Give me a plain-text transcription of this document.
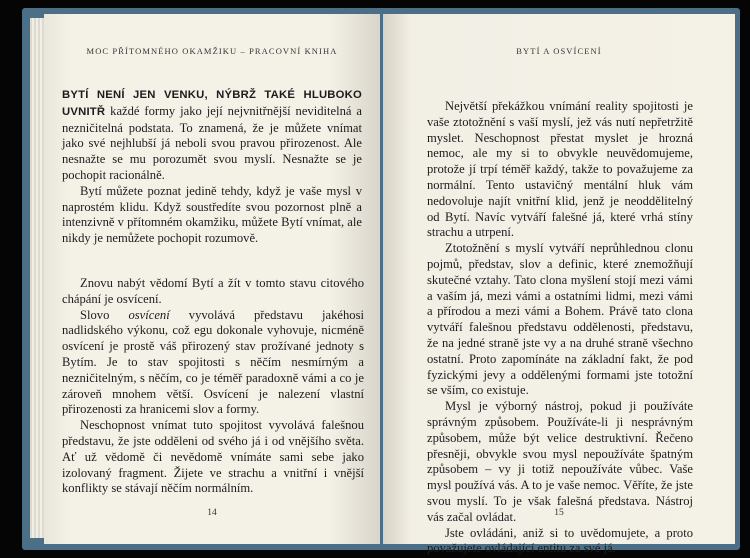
MOC PŘÍTOMNÉHO OKAMŽIKU – PRACOVNÍ KNIHA

BYTÍ NENÍ JEN VENKU, NÝBRŽ TAKÉ HLUBOKO UVNITŘ každé formy jako její nejvnitřnější neviditelná a nezničitelná podstata. To znamená, že je můžete vnímat jako své nejhlubší já neboli svou pravou přirozenost. Ale nesnažte se mu porozumět svou myslí. Nesnažte se je pochopit racionálně.

Bytí můžete poznat jedině tehdy, když je vaše mysl v naprostém klidu. Když soustředíte svou pozornost plně a intenzivně v přítomném okamžiku, můžete Bytí vnímat, ale nikdy je nemůžete pochopit rozumově.

Znovu nabýt vědomí Bytí a žít v tomto stavu citového chápání je osvícení.

Slovo osvícení vyvolává představu jakéhosi nadlidského výkonu, což egu dokonale vyhovuje, nicméně osvícení je prostě váš přirozený stav prožívané jednoty s Bytím. Je to stav spojitosti s něčím nesmírným a nezničitelným, s něčím, co je téměř paradoxně vámi a co je zároveň mnohem větší. Osvícení je nalezení vlastní přirozenosti za hranicemi slov a formy.

Neschopnost vnímat tuto spojitost vyvolává falešnou představu, že jste odděleni od svého já i od vnějšího světa. Ať už vědomě či nevědomě vnímáte sami sebe jako izolovaný fragment. Žijete ve strachu a vnitřní i vnější konflikty se stávají něčím normálním.

14
BYTÍ A OSVÍCENÍ

Největší překážkou vnímání reality spojitosti je vaše ztotožnění s vaší myslí, jež vás nutí nepřetržitě myslet. Neschopnost přestat myslet je hrozná nemoc, ale my si to obvykle neuvědomujeme, protože jí trpí téměř každý, takže to považujeme za normální. Tento ustavičný mentální hluk vám nedovoluje najít vnitřní klid, jenž je neoddělitelný od Bytí. Navíc vytváří falešné já, které vrhá stíny strachu a utrpení.

Ztotožnění s myslí vytváří neprůhlednou clonu pojmů, představ, slov a definic, které znemožňují skutečné vztahy. Tato clona myšlení stojí mezi vámi a vaším já, mezi vámi a ostatními lidmi, mezi vámi a přírodou a mezi vámi a Bohem. Právě tato clona vytváří falešnou představu oddělenosti, představu, že na jedné straně jste vy a na druhé straně všechno ostatní. Proto zapomínáte na základní fakt, že pod fyzickými jevy a oddělenými formami jste totožní se vším, co existuje.

Mysl je výborný nástroj, pokud ji používáte správným způsobem. Používáte-li ji nesprávným způsobem, může být velice destruktivní. Řečeno přesněji, obvykle svou mysl nepoužíváte špatným způsobem – vy ji totiž nepoužíváte vůbec. Vaše mysl používá vás. A to je vaše nemoc. Věříte, že jste svou myslí. To je však falešná představa. Nástroj vás začal ovládat.

Jste ovládáni, aniž si to uvědomujete, a proto považujete ovládající entitu za své já.

15
